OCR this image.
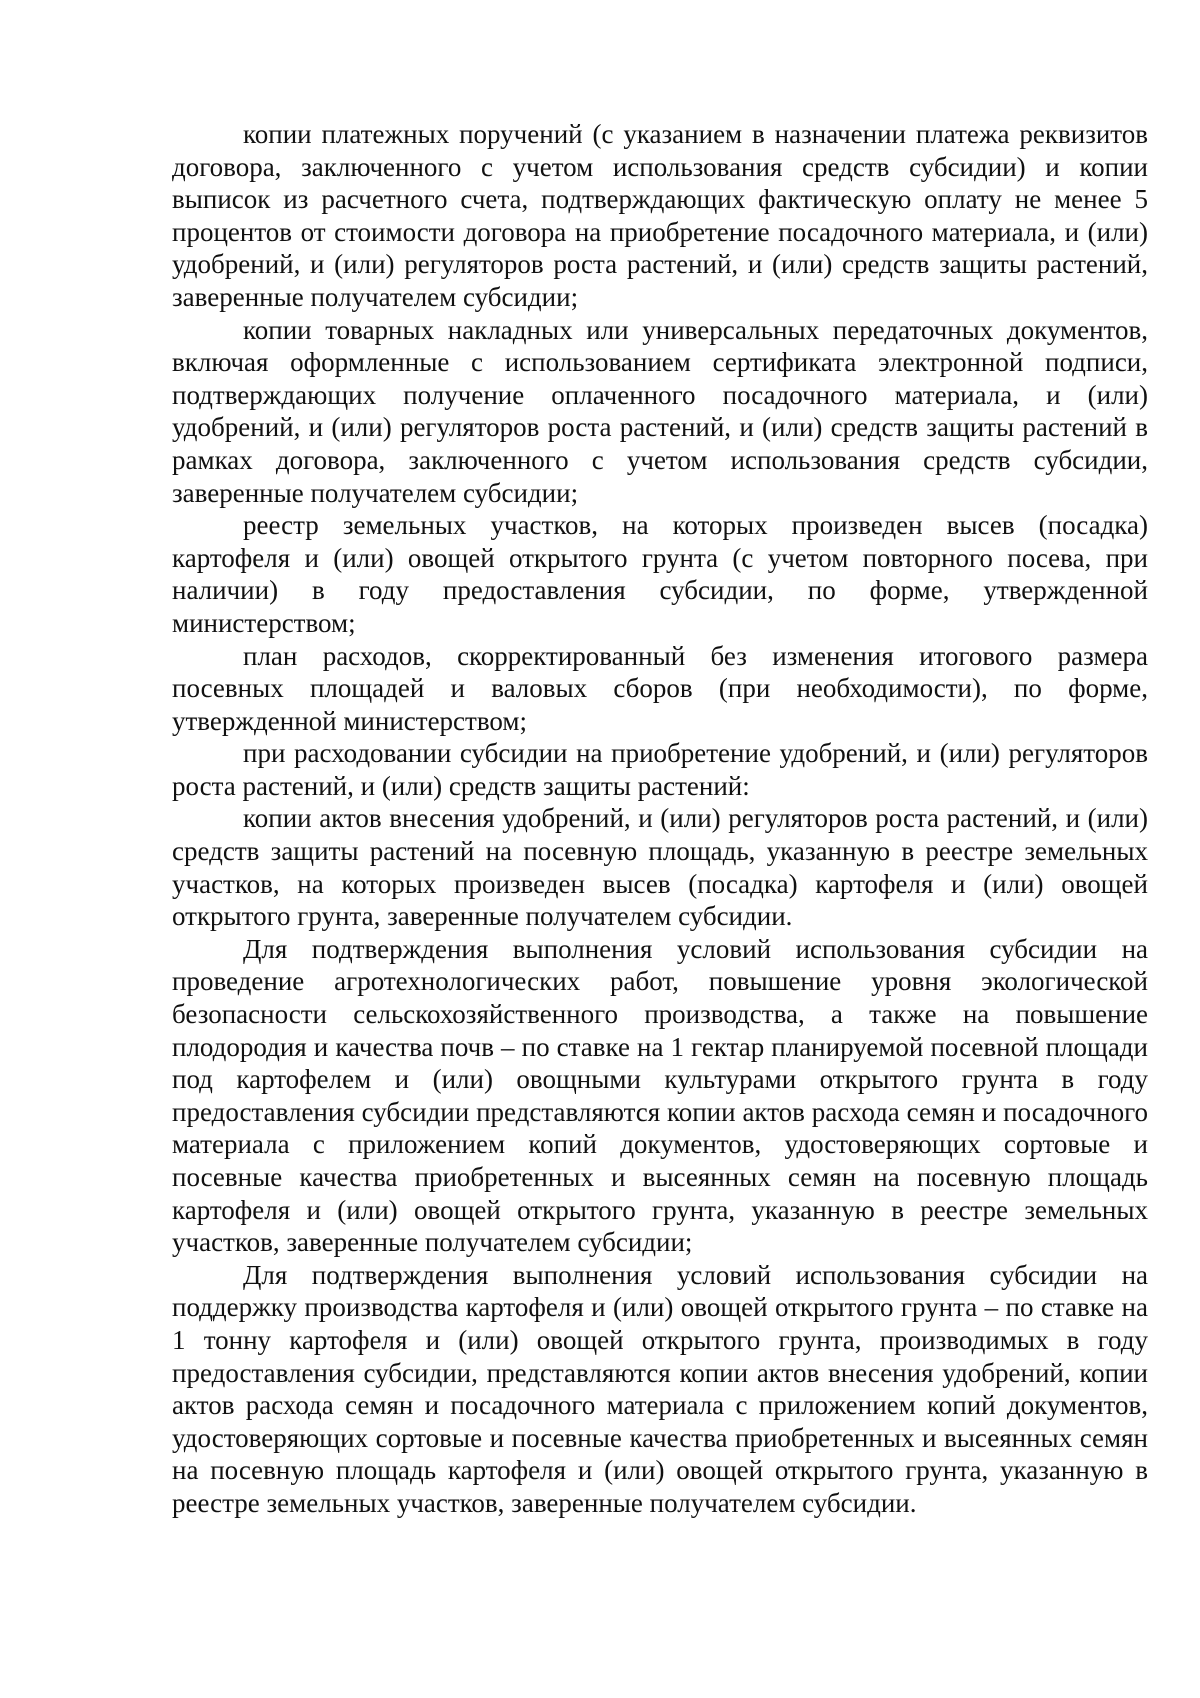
копии платежных поручений (с указанием в назначении платежа реквизитов договора, заключенного с учетом использования средств субсидии) и копии выписок из расчетного счета, подтверждающих фактическую оплату не менее 5 процентов от стоимости договора на приобретение посадочного материала, и (или) удобрений, и (или) регуляторов роста растений, и (или) средств защиты растений, заверенные получателем субсидии;

копии товарных накладных или универсальных передаточных документов, включая оформленные с использованием сертификата электронной подписи, подтверждающих получение оплаченного посадочного материала, и (или) удобрений, и (или) регуляторов роста растений, и (или) средств защиты растений в рамках договора, заключенного с учетом использования средств субсидии, заверенные получателем субсидии;

реестр земельных участков, на которых произведен высев (посадка) картофеля и (или) овощей открытого грунта (с учетом повторного посева, при наличии) в году предоставления субсидии, по форме, утвержденной министерством;

план расходов, скорректированный без изменения итогового размера посевных площадей и валовых сборов (при необходимости), по форме, утвержденной министерством;

при расходовании субсидии на приобретение удобрений, и (или) регуляторов роста растений, и (или) средств защиты растений:

копии актов внесения удобрений, и (или) регуляторов роста растений, и (или) средств защиты растений на посевную площадь, указанную в реестре земельных участков, на которых произведен высев (посадка) картофеля и (или) овощей открытого грунта, заверенные получателем субсидии.

Для подтверждения выполнения условий использования субсидии на проведение агротехнологических работ, повышение уровня экологической безопасности сельскохозяйственного производства, а также на повышение плодородия и качества почв – по ставке на 1 гектар планируемой посевной площади под картофелем и (или) овощными культурами открытого грунта в году предоставления субсидии представляются копии актов расхода семян и посадочного материала с приложением копий документов, удостоверяющих сортовые и посевные качества приобретенных и высеянных семян на посевную площадь картофеля и (или) овощей открытого грунта, указанную в реестре земельных участков, заверенные получателем субсидии;

Для подтверждения выполнения условий использования субсидии на поддержку производства картофеля и (или) овощей открытого грунта – по ставке на 1 тонну картофеля и (или) овощей открытого грунта, производимых в году предоставления субсидии, представляются копии актов внесения удобрений, копии актов расхода семян и посадочного материала с приложением копий документов, удостоверяющих сортовые и посевные качества приобретенных и высеянных семян на посевную площадь картофеля и (или) овощей открытого грунта, указанную в реестре земельных участков, заверенные получателем субсидии.
